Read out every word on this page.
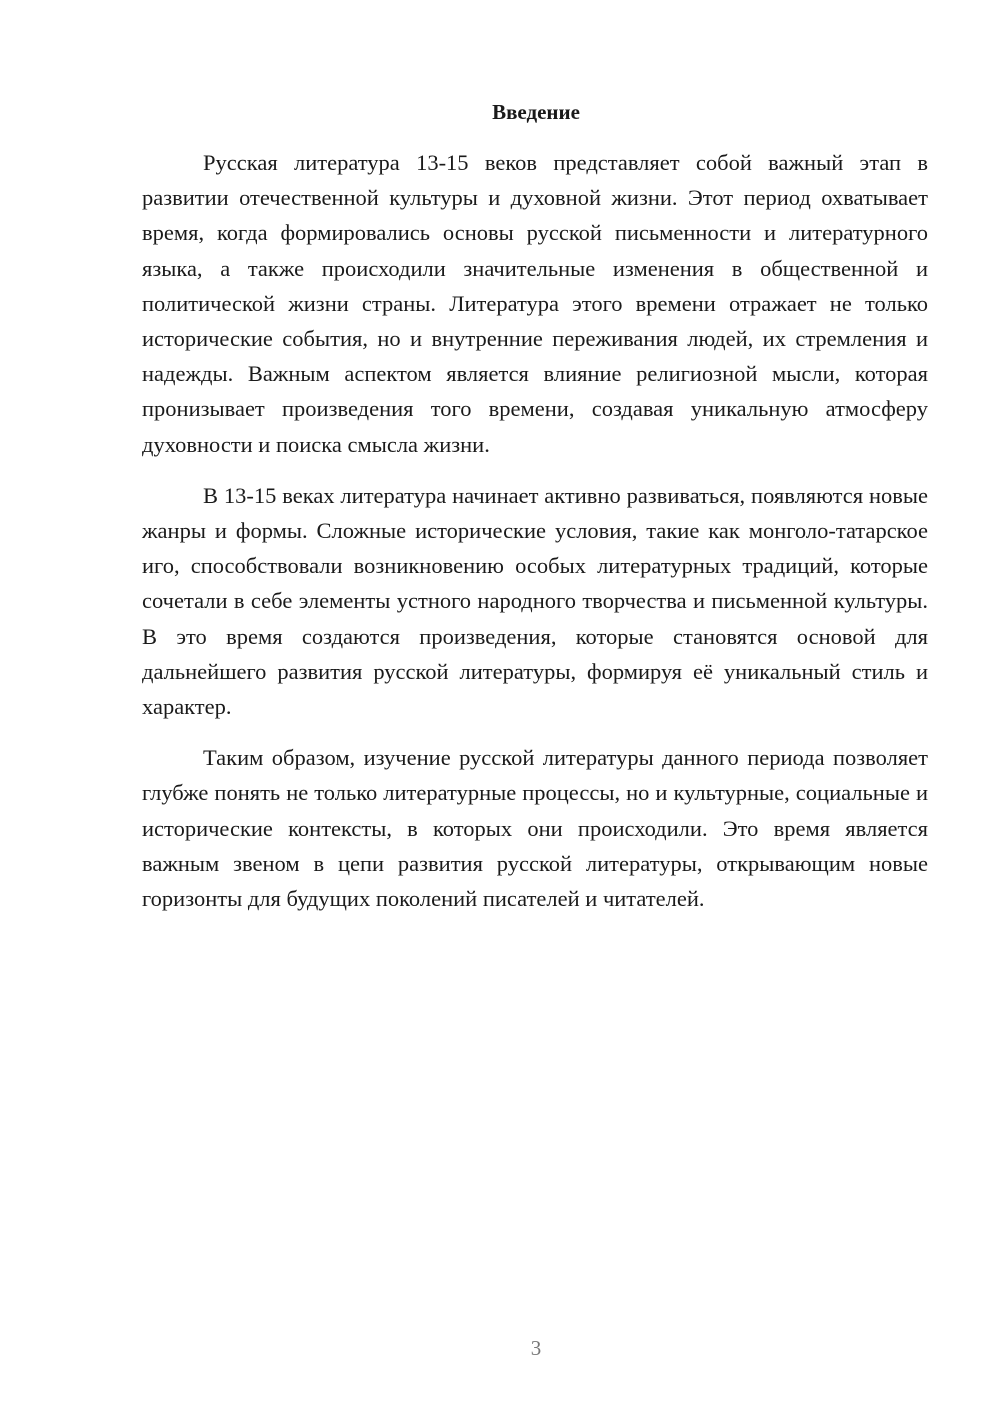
Введение

Русская литература 13-15 веков представляет собой важный этап в развитии отечественной культуры и духовной жизни. Этот период охватывает время, когда формировались основы русской письменности и литературного языка, а также происходили значительные изменения в общественной и политической жизни страны. Литература этого времени отражает не только исторические события, но и внутренние переживания людей, их стремления и надежды. Важным аспектом является влияние религиозной мысли, которая пронизывает произведения того времени, создавая уникальную атмосферу духовности и поиска смысла жизни.

В 13-15 веках литература начинает активно развиваться, появляются новые жанры и формы. Сложные исторические условия, такие как монголо-татарское иго, способствовали возникновению особых литературных традиций, которые сочетали в себе элементы устного народного творчества и письменной культуры. В это время создаются произведения, которые становятся основой для дальнейшего развития русской литературы, формируя её уникальный стиль и характер.

Таким образом, изучение русской литературы данного периода позволяет глубже понять не только литературные процессы, но и культурные, социальные и исторические контексты, в которых они происходили. Это время является важным звеном в цепи развития русской литературы, открывающим новые горизонты для будущих поколений писателей и читателей.

3
